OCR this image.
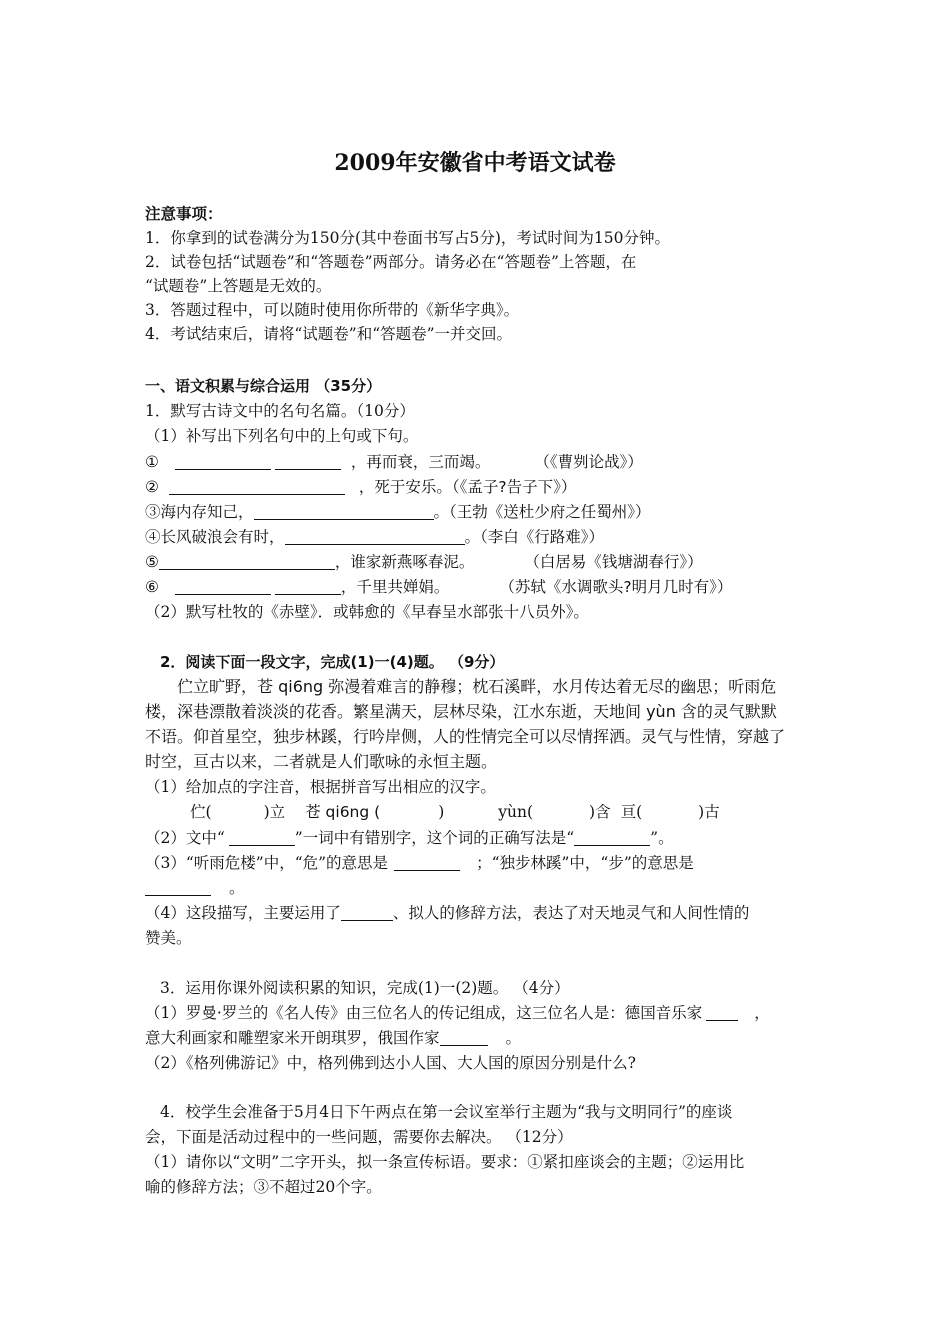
2009年安徽省中考语文试卷
注意事项：
1．你拿到的试卷满分为150分(其中卷面书写占5分)，考试时间为150分钟。
2．试卷包括“试题卷”和“答题卷”两部分。请务必在“答题卷”上答题，在
“试题卷”上答题是无效的。
3．答题过程中，可以随时使用你所带的《新华字典》。
4．考试结束后，请将“试题卷”和“答题卷”一并交回。
一、语文积累与综合运用 （35分）
1．默写古诗文中的名句名篇。（10分）
（1）补写出下列名句中的上句或下句。
①	，再而衰，三而竭。	（《曹刿论战》）
②	，死于安乐。（《孟子?告子下》）
③海内存知己，	。（王勃《送杜少府之任蜀州》）
④长风破浪会有时，	。（李白《行路难》）
⑤	，谁家新燕啄春泥。	（白居易《钱塘湖春行》）
⑥	，千里共婵娟。	（苏轼《水调歌头?明月几时有》）
（2）默写杜牧的《赤壁》．或韩愈的《早春呈水部张十八员外》。
2．阅读下面一段文字，完成(1)一(4)题。 （9分）
伫立旷野，苍 qi6ng 弥漫着难言的静穆；枕石溪畔，水月传达着无尽的幽思；听雨危
楼，深巷漂散着淡淡的花香。繁星满天，层林尽染，江水东逝，天地间 yùn 含的灵气默默
不语。仰首星空，独步林蹊，行吟岸侧，人的性情完全可以尽情挥洒。灵气与性情，穿越了
时空，亘古以来，二者就是人们歌咏的永恒主题。
（1）给加点的字注音，根据拼音写出相应的汉字。
伫(	)立 苍 qi6ng (	)	yùn(	)含 亘(	)古
（2）文中“	”一词中有错别字，这个词的正确写法是“	”。
（3）“听雨危楼”中，“危”的意思是	；“独步林蹊”中，“步”的意思是
。
（4）这段描写，主要运用了	、拟人的修辞方法，表达了对天地灵气和人间性情的
赞美。
3．运用你课外阅读积累的知识，完成(1)一(2)题。 （4分）
（1）罗曼·罗兰的《名人传》由三位名人的传记组成，这三位名人是：德国音乐家	，
意大利画家和雕塑家米开朗琪罗，俄国作家	。
（2）《格列佛游记》中，格列佛到达小人国、大人国的原因分别是什么?
4．校学生会准备于5月4日下午两点在第一会议室举行主题为“我与文明同行”的座谈
会，下面是活动过程中的一些问题，需要你去解决。 （12分）
（1）请你以“文明”二字开头，拟一条宣传标语。要求：①紧扣座谈会的主题；②运用比
喻的修辞方法；③不超过20个字。
